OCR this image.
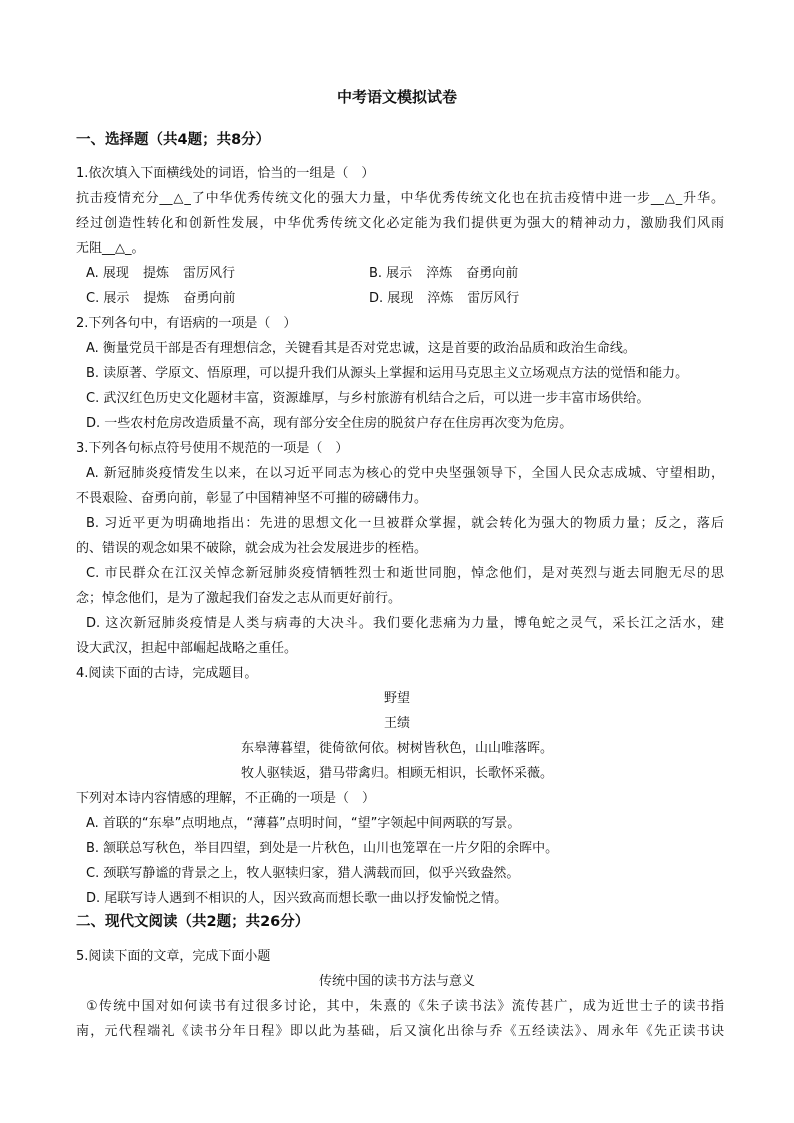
中考语文模拟试卷
一、选择题（共4题；共8分）
1.依次填入下面横线处的词语，恰当的一组是（　）
抗击疫情充分__△_了中华优秀传统文化的强大力量，中华优秀传统文化也在抗击疫情中进一步__△_升华。
经过创造性转化和创新性发展，中华优秀传统文化必定能为我们提供更为强大的精神动力，激励我们风雨
无阻__△_。
A. 展现 提炼 雷厉风行	B. 展示 淬炼 奋勇向前
C. 展示 提炼 奋勇向前	D. 展现 淬炼 雷厉风行
2.下列各句中，有语病的一项是（　）
A. 衡量党员干部是否有理想信念，关键看其是否对党忠诚，这是首要的政治品质和政治生命线。
B. 读原著、学原文、悟原理，可以提升我们从源头上掌握和运用马克思主义立场观点方法的觉悟和能力。
C. 武汉红色历史文化题材丰富，资源雄厚，与乡村旅游有机结合之后，可以进一步丰富市场供给。
D. 一些农村危房改造质量不高，现有部分安全住房的脱贫户存在住房再次变为危房。
3.下列各句标点符号使用不规范的一项是（　）
A. 新冠肺炎疫情发生以来，在以习近平同志为核心的党中央坚强领导下，全国人民众志成城、守望相助，
不畏艰险、奋勇向前，彰显了中国精神坚不可摧的磅礴伟力。
B. 习近平更为明确地指出：先进的思想文化一旦被群众掌握，就会转化为强大的物质力量；反之，落后
的、错误的观念如果不破除，就会成为社会发展进步的桎梏。
C. 市民群众在江汉关悼念新冠肺炎疫情牺牲烈士和逝世同胞，悼念他们，是对英烈与逝去同胞无尽的思
念；悼念他们，是为了激起我们奋发之志从而更好前行。
D. 这次新冠肺炎疫情是人类与病毒的大决斗。我们要化悲痛为力量，博龟蛇之灵气，采长江之活水，建
设大武汉，担起中部崛起战略之重任。
4.阅读下面的古诗，完成题目。
野望
王绩
东皋薄暮望，徙倚欲何依。树树皆秋色，山山唯落晖。
牧人驱犊返，猎马带禽归。相顾无相识，长歌怀采薇。
下列对本诗内容情感的理解，不正确的一项是（　）
A. 首联的“东皋”点明地点，“薄暮”点明时间，“望”字领起中间两联的写景。
B. 颔联总写秋色，举目四望，到处是一片秋色，山川也笼罩在一片夕阳的余晖中。
C. 颈联写静谧的背景之上，牧人驱犊归家，猎人满载而回，似乎兴致盎然。
D. 尾联写诗人遇到不相识的人，因兴致高而想长歌一曲以抒发愉悦之情。
二、现代文阅读（共2题；共26分）
5.阅读下面的文章，完成下面小题
传统中国的读书方法与意义
①传统中国对如何读书有过很多讨论，其中，朱熹的《朱子读书法》流传甚广，成为近世士子的读书指
南，元代程端礼《读书分年日程》即以此为基础，后又演化出徐与乔《五经读法》、周永年《先正读书诀
